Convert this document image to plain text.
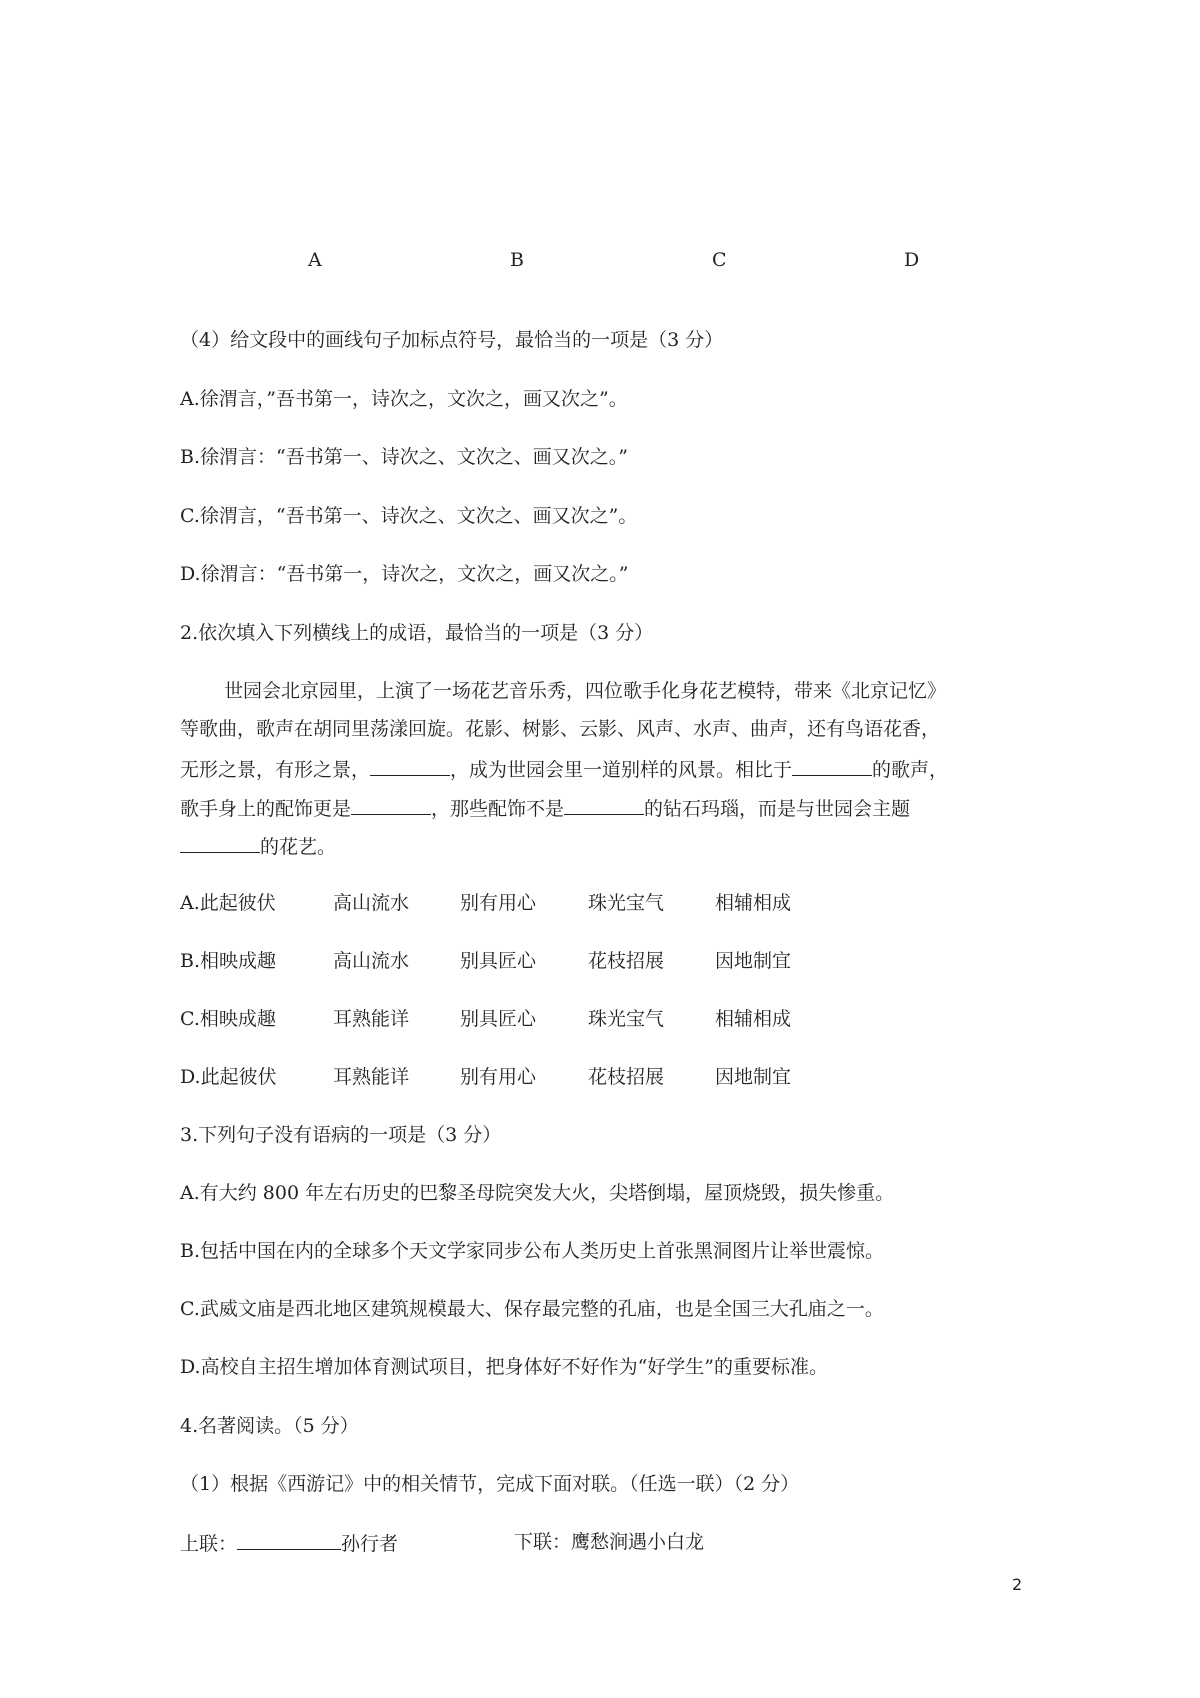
A	B	C	D
（4）给文段中的画线句子加标点符号，最恰当的一项是（3 分）
A.徐渭言，”吾书第一，诗次之，文次之，画又次之”。
B.徐渭言：“吾书第一、诗次之、文次之、画又次之。”
C.徐渭言，“吾书第一、诗次之、文次之、画又次之”。
D.徐渭言：“吾书第一，诗次之，文次之，画又次之。”
2.依次填入下列横线上的成语，最恰当的一项是（3 分）
世园会北京园里，上演了一场花艺音乐秀，四位歌手化身花艺模特，带来《北京记忆》
等歌曲，歌声在胡同里荡漾回旋。花影、树影、云影、风声、水声、曲声，还有鸟语花香，
无形之景，有形之景，	，成为世园会里一道别样的风景。相比于	的歌声，
歌手身上的配饰更是	，那些配饰不是	的钻石玛瑙，而是与世园会主题
的花艺。
A.此起彼伏	高山流水	别有用心	珠光宝气	相辅相成
B.相映成趣	高山流水	别具匠心	花枝招展	因地制宜
C.相映成趣	耳熟能详	别具匠心	珠光宝气	相辅相成
D.此起彼伏	耳熟能详	别有用心	花枝招展	因地制宜
3.下列句子没有语病的一项是（3 分）
A.有大约 800 年左右历史的巴黎圣母院突发大火，尖塔倒塌，屋顶烧毁，损失惨重。
B.包括中国在内的全球多个天文学家同步公布人类历史上首张黑洞图片让举世震惊。
C.武威文庙是西北地区建筑规模最大、保存最完整的孔庙，也是全国三大孔庙之一。
D.高校自主招生增加体育测试项目，把身体好不好作为“好学生”的重要标准。
4.名著阅读。（5 分）
（1）根据《西游记》中的相关情节，完成下面对联。（任选一联）（2 分）
上联：	孙行者	下联：鹰愁涧遇小白龙
2
